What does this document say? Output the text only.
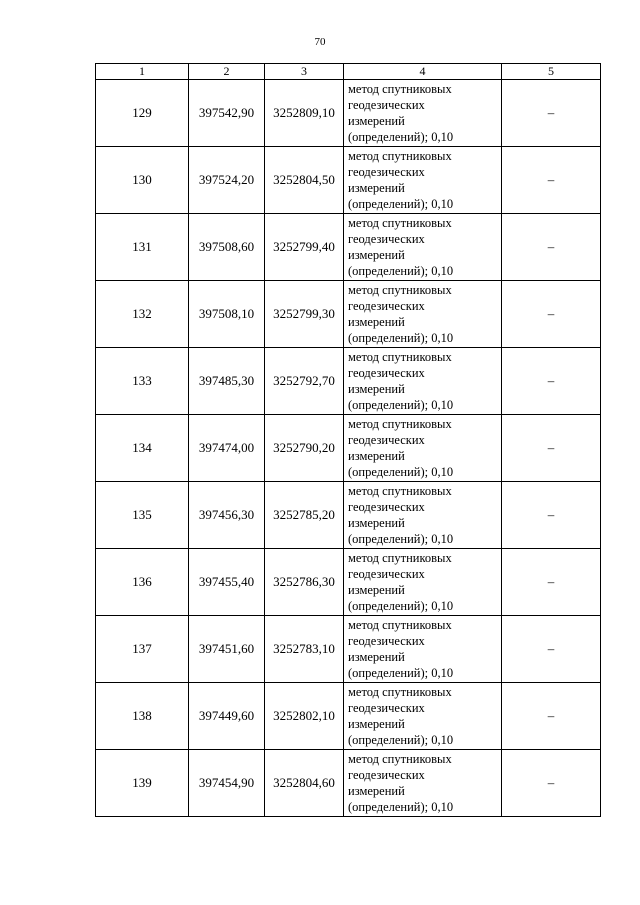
70
1	2	3	4	5
129	397542,90	3252809,10	метод спутниковых
геодезических
измерений
(определений); 0,10	–
130	397524,20	3252804,50	метод спутниковых
геодезических
измерений
(определений); 0,10	–
131	397508,60	3252799,40	метод спутниковых
геодезических
измерений
(определений); 0,10	–
132	397508,10	3252799,30	метод спутниковых
геодезических
измерений
(определений); 0,10	–
133	397485,30	3252792,70	метод спутниковых
геодезических
измерений
(определений); 0,10	–
134	397474,00	3252790,20	метод спутниковых
геодезических
измерений
(определений); 0,10	–
135	397456,30	3252785,20	метод спутниковых
геодезических
измерений
(определений); 0,10	–
136	397455,40	3252786,30	метод спутниковых
геодезических
измерений
(определений); 0,10	–
137	397451,60	3252783,10	метод спутниковых
геодезических
измерений
(определений); 0,10	–
138	397449,60	3252802,10	метод спутниковых
геодезических
измерений
(определений); 0,10	–
139	397454,90	3252804,60	метод спутниковых
геодезических
измерений
(определений); 0,10	–
